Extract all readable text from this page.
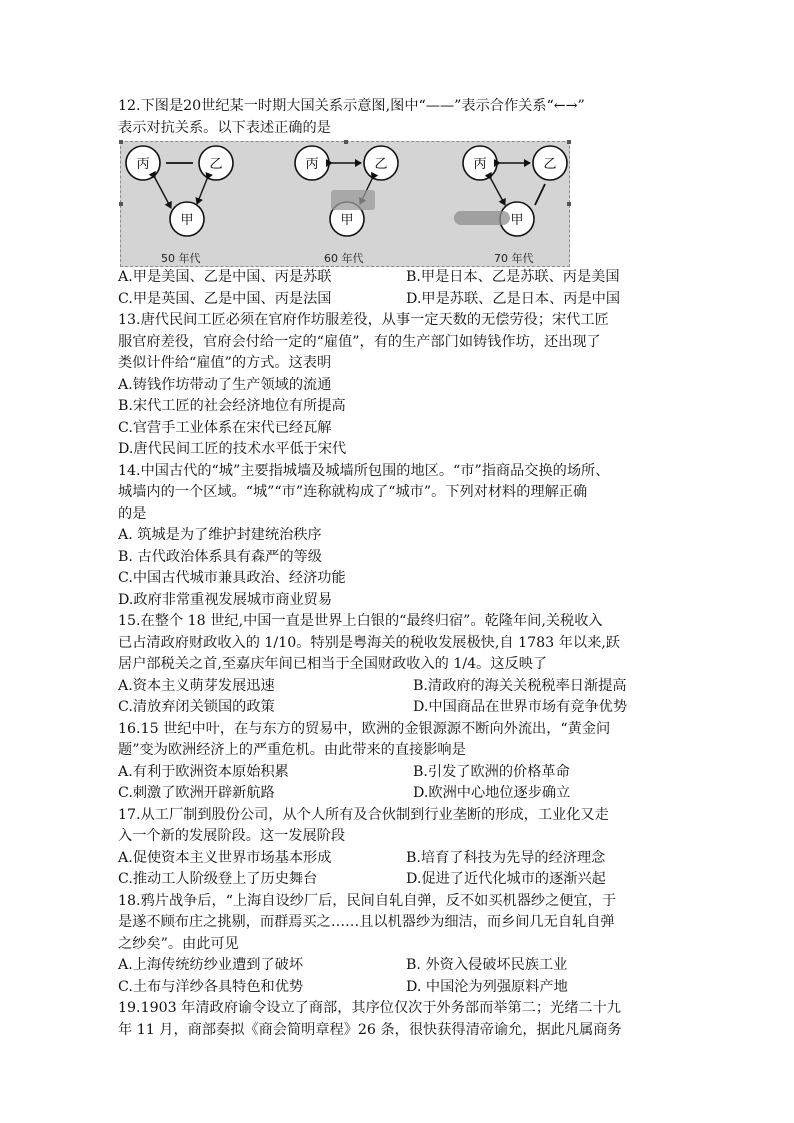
12.下图是20世纪某一时期大国关系示意图,图中“——”表示合作关系“←→”
表示对抗关系。以下表述正确的是
丙	乙
甲
丙	乙
甲
丙	乙
甲
50 年代	60 年代	70 年代
A.甲是美国、乙是中国、丙是苏联	B.甲是日本、乙是苏联、丙是美国
C.甲是英国、乙是中国、丙是法国	D.甲是苏联、乙是日本、丙是中国
13.唐代民间工匠必须在官府作坊服差役，从事一定天数的无偿劳役；宋代工匠
服官府差役，官府会付给一定的“雇值”，有的生产部门如铸钱作坊，还出现了
类似计件给“雇值”的方式。这表明
A.铸钱作坊带动了生产领域的流通
B.宋代工匠的社会经济地位有所提高
C.官营手工业体系在宋代已经瓦解
D.唐代民间工匠的技术水平低于宋代
14.中国古代的“城”主要指城墙及城墙所包围的地区。“市”指商品交换的场所、
城墙内的一个区域。“城”“市”连称就构成了“城市”。下列对材料的理解正确
的是
A. 筑城是为了维护封建统治秩序
B. 古代政治体系具有森严的等级
C.中国古代城市兼具政治、经济功能
D.政府非常重视发展城市商业贸易
15.在整个 18 世纪,中国一直是世界上白银的“最终归宿”。乾隆年间,关税收入
已占清政府财政收入的 1/10。特别是粤海关的税收发展极快,自 1783 年以来,跃
居户部税关之首,至嘉庆年间已相当于全国财政收入的 1/4。这反映了
A.资本主义萌芽发展迅速	B.清政府的海关关税税率日渐提高
C.清放弃闭关锁国的政策	D.中国商品在世界市场有竞争优势
16.15 世纪中叶，在与东方的贸易中，欧洲的金银源源不断向外流出，“黄金问
题”变为欧洲经济上的严重危机。由此带来的直接影响是
A.有利于欧洲资本原始积累	B.引发了欧洲的价格革命
C.刺激了欧洲开辟新航路	D.欧洲中心地位逐步确立
17.从工厂制到股份公司，从个人所有及合伙制到行业垄断的形成，工业化又走
入一个新的发展阶段。这一发展阶段
A.促使资本主义世界市场基本形成	B.培育了科技为先导的经济理念
C.推动工人阶级登上了历史舞台	D.促进了近代化城市的逐渐兴起
18.鸦片战争后，“上海自设纱厂后，民间自轧自弹，反不如买机器纱之便宜，于
是遂不顾布庄之挑剔，而群焉买之……且以机器纱为细洁，而乡间几无自轧自弹
之纱矣”。由此可见
A.上海传统纺纱业遭到了破坏	B. 外资入侵破坏民族工业
C.土布与洋纱各具特色和优势	D. 中国沦为列强原料产地
19.1903 年清政府谕令设立了商部，其序位仅次于外务部而举第二；光绪二十九
年 11 月，商部奏拟《商会简明章程》26 条，很快获得清帝谕允，据此凡属商务
